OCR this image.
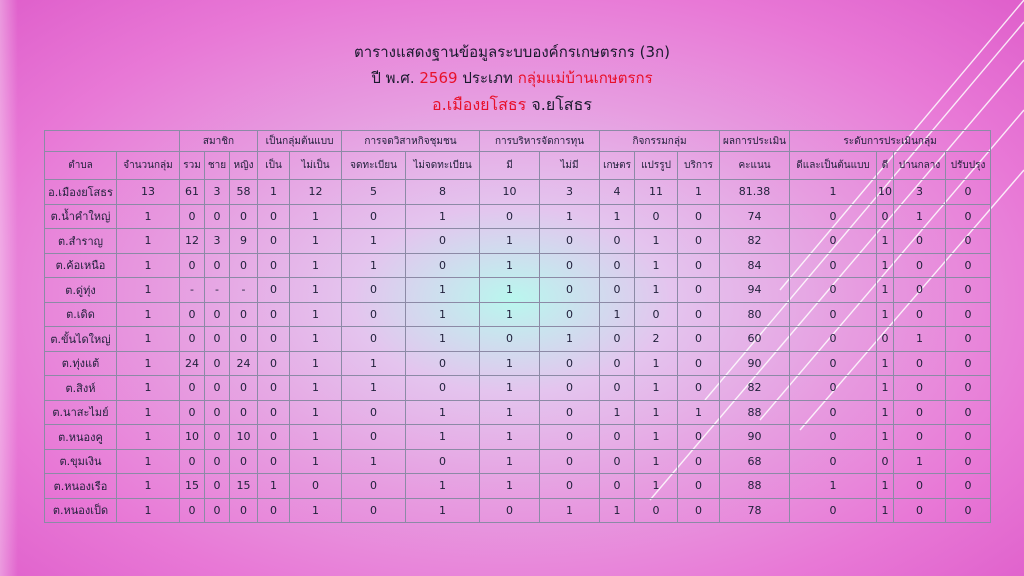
ตารางแสดงฐานข้อมูลระบบองค์กรเกษตรกร (3ก)
ปี พ.ศ. 2569 ประเภท กลุ่มแม่บ้านเกษตรกร
อ.เมืองยโสธร จ.ยโสธร
		สมาชิก			เป็นกลุ่มต้นแบบ		การจดวิสาหกิจชุมชน		การบริหารจัดการทุน		กิจกรรมกลุ่ม			ผลการประเมิน	ระดับการประเมินกลุ่ม			
ตำบล	จำนวนกลุ่ม	รวม	ชาย	หญิง	เป็น	ไม่เป็น	จดทะเบียน	ไม่จดทะเบียน	มี	ไม่มี	เกษตร	แปรรูป	บริการ	คะแนน	ดีและเป็นต้นแบบ	ดี	ปานกลาง	ปรับปรุง
อ.เมืองยโสธร	13	61	3	58	1	12	5	8	10	3	4	11	1	81.38	1	10	3	0
ต.น้ำคำใหญ่	1	0	0	0	0	1	0	1	0	1	1	0	0	74	0	0	1	0
ต.สำราญ	1	12	3	9	0	1	1	0	1	0	0	1	0	82	0	1	0	0
ต.ค้อเหนือ	1	0	0	0	0	1	1	0	1	0	0	1	0	84	0	1	0	0
ต.ดู่ทุ่ง	1	-	-	-	0	1	0	1	1	0	0	1	0	94	0	1	0	0
ต.เดิด	1	0	0	0	0	1	0	1	1	0	1	0	0	80	0	1	0	0
ต.ขั้นไดใหญ่	1	0	0	0	0	1	0	1	0	1	0	2	0	60	0	0	1	0
ต.ทุ่งแต้	1	24	0	24	0	1	1	0	1	0	0	1	0	90	0	1	0	0
ต.สิงห์	1	0	0	0	0	1	1	0	1	0	0	1	0	82	0	1	0	0
ต.นาสะไมย์	1	0	0	0	0	1	0	1	1	0	1	1	1	88	0	1	0	0
ต.หนองคู	1	10	0	10	0	1	0	1	1	0	0	1	0	90	0	1	0	0
ต.ขุมเงิน	1	0	0	0	0	1	1	0	1	0	0	1	0	68	0	0	1	0
ต.หนองเรือ	1	15	0	15	1	0	0	1	1	0	0	1	0	88	1	1	0	0
ต.หนองเป็ด	1	0	0	0	0	1	0	1	0	1	1	0	0	78	0	1	0	0
